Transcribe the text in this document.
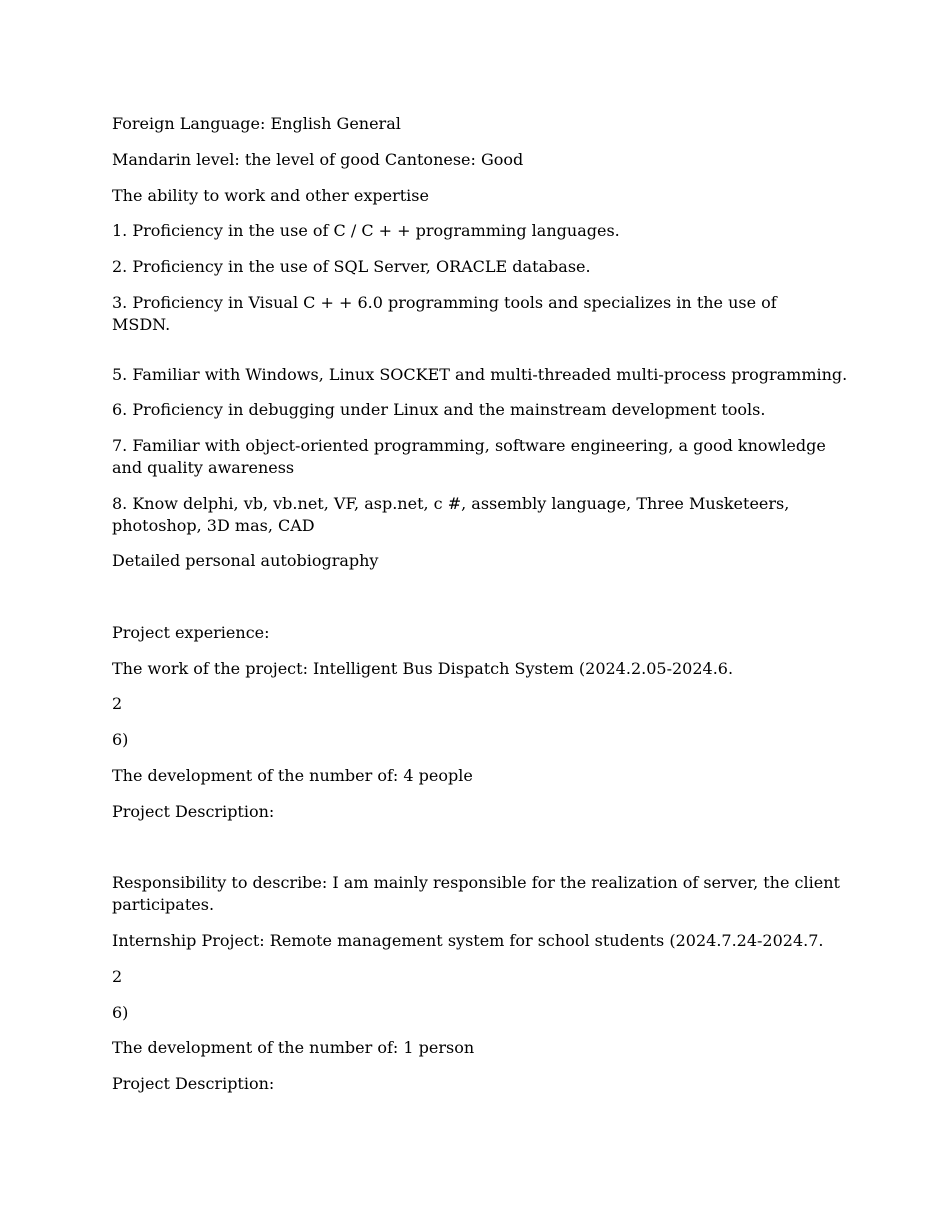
Foreign Language: English General

Mandarin level: the level of good Cantonese: Good

The ability to work and other expertise

1. Proficiency in the use of C / C + + programming languages.

2. Proficiency in the use of SQL Server, ORACLE database.

3. Proficiency in Visual C + + 6.0 programming tools and specializes in the use of MSDN.

5. Familiar with Windows, Linux SOCKET and multi-threaded multi-process programming.

6. Proficiency in debugging under Linux and the mainstream development tools.

7. Familiar with object-oriented programming, software engineering, a good knowledge and quality awareness

8. Know delphi, vb, vb.net, VF, asp.net, c #, assembly language, Three Musketeers, photoshop, 3D mas, CAD

Detailed personal autobiography

Project experience:

The work of the project: Intelligent Bus Dispatch System (2024.2.05-2024.6.

2

6)

The development of the number of: 4 people

Project Description:

Responsibility to describe: I am mainly responsible for the realization of server, the client participates.

Internship Project: Remote management system for school students (2024.7.24-2024.7.

2

6)

The development of the number of: 1 person

Project Description:
